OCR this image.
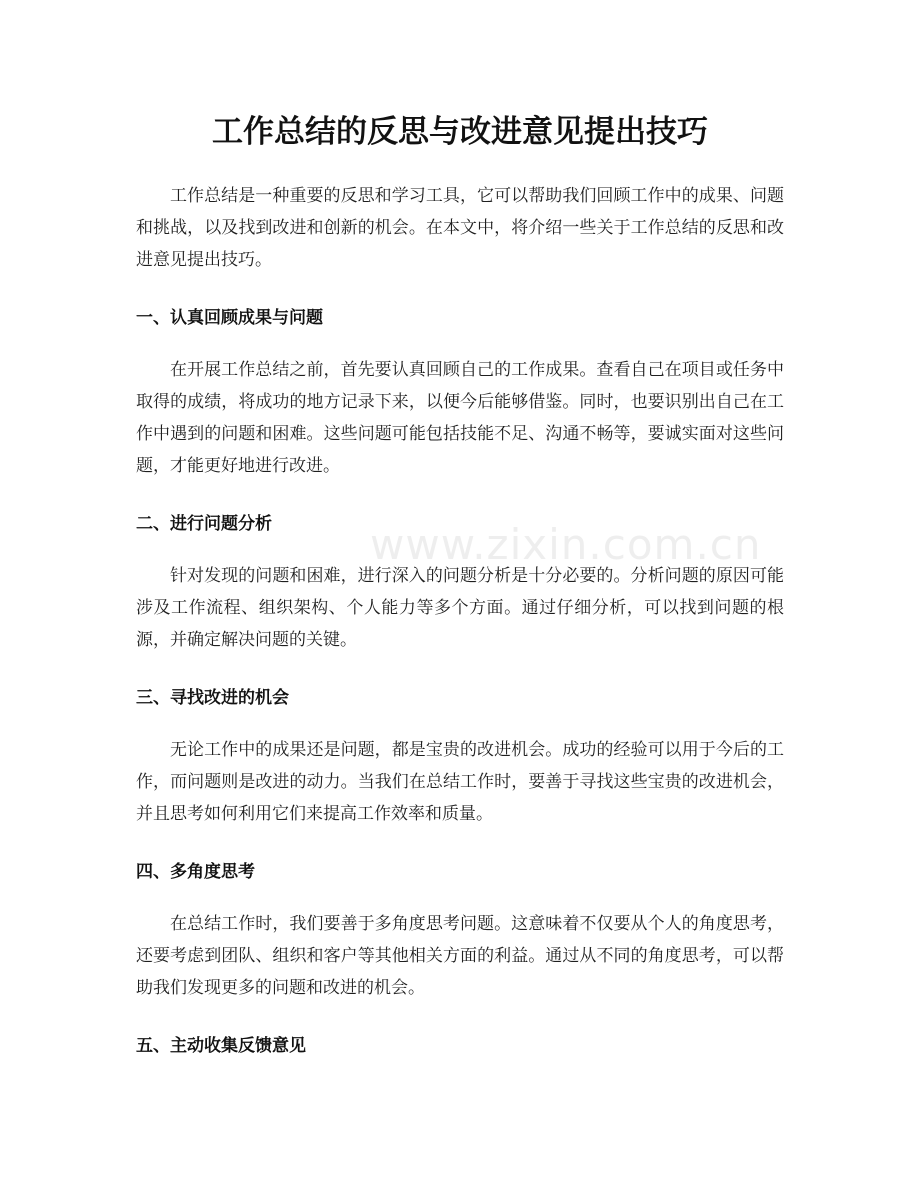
工作总结的反思与改进意见提出技巧

工作总结是一种重要的反思和学习工具，它可以帮助我们回顾工作中的成果、问题和挑战，以及找到改进和创新的机会。在本文中，将介绍一些关于工作总结的反思和改进意见提出技巧。

一、认真回顾成果与问题

在开展工作总结之前，首先要认真回顾自己的工作成果。查看自己在项目或任务中取得的成绩，将成功的地方记录下来，以便今后能够借鉴。同时，也要识别出自己在工作中遇到的问题和困难。这些问题可能包括技能不足、沟通不畅等，要诚实面对这些问题，才能更好地进行改进。

二、进行问题分析

针对发现的问题和困难，进行深入的问题分析是十分必要的。分析问题的原因可能涉及工作流程、组织架构、个人能力等多个方面。通过仔细分析，可以找到问题的根源，并确定解决问题的关键。

三、寻找改进的机会

无论工作中的成果还是问题，都是宝贵的改进机会。成功的经验可以用于今后的工作，而问题则是改进的动力。当我们在总结工作时，要善于寻找这些宝贵的改进机会，并且思考如何利用它们来提高工作效率和质量。

四、多角度思考

在总结工作时，我们要善于多角度思考问题。这意味着不仅要从个人的角度思考，还要考虑到团队、组织和客户等其他相关方面的利益。通过从不同的角度思考，可以帮助我们发现更多的问题和改进的机会。

五、主动收集反馈意见
www.zixin.com.cn
